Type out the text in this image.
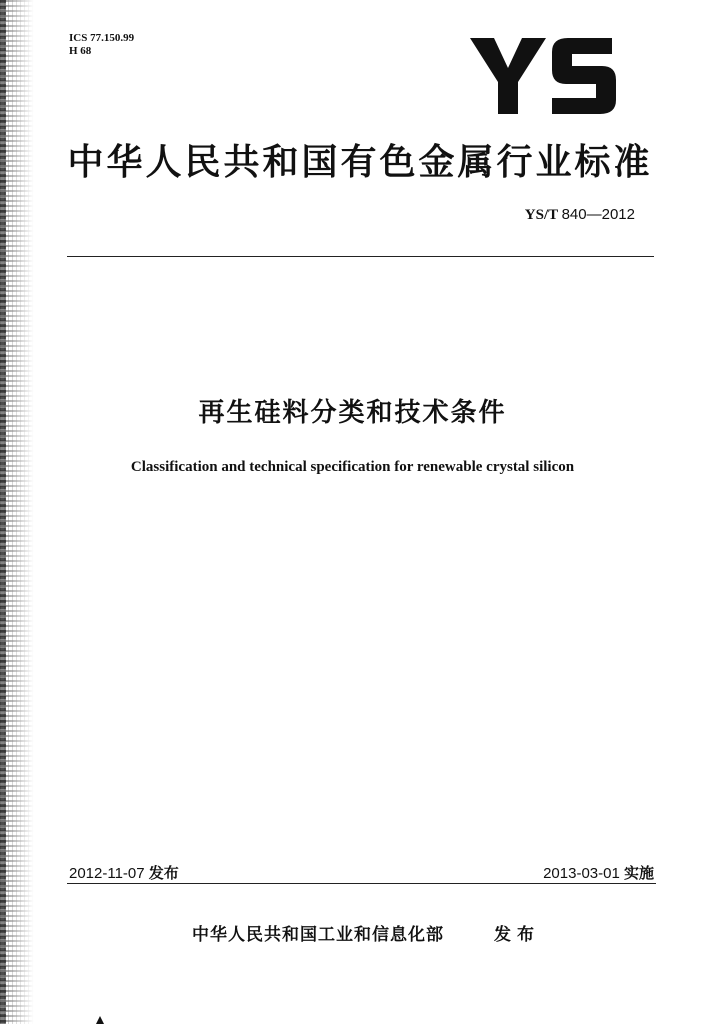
ICS 77.150.99
H 68
中华人民共和国有色金属行业标准
YS/T 840—2012
再生硅料分类和技术条件
Classification and technical specification for renewable crystal silicon
2012-11-07 发布	2013-03-01 实施
中华人民共和国工业和信息化部	发布
